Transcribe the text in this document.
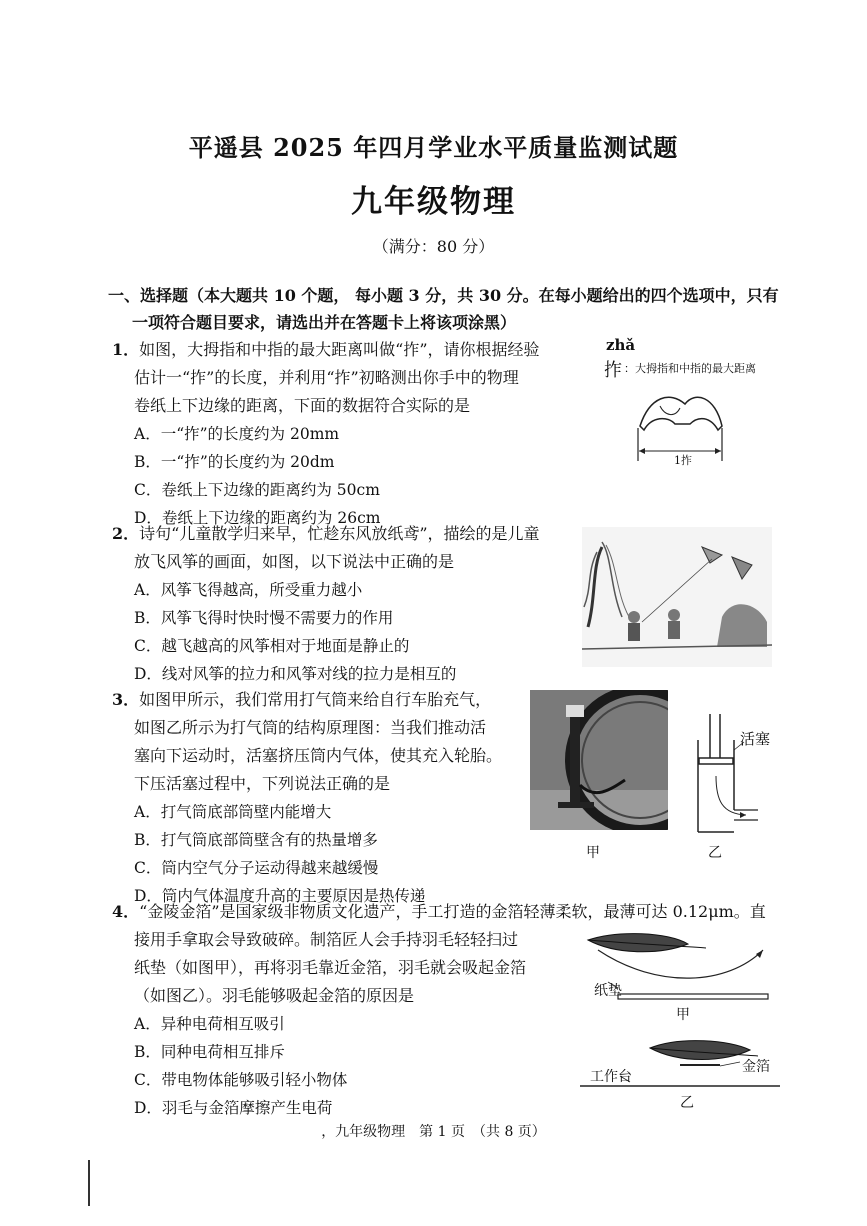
平遥县 2025 年四月学业水平质量监测试题
九年级物理
（满分：80 分）
一、选择题（本大题共 10 个题， 每小题 3 分，共 30 分。在每小题给出的四个选项中，只有
一项符合题目要求，请选出并在答题卡上将该项涂黑）
1．如图，大拇指和中指的最大距离叫做“拃”，请你根据经验
估计一“拃”的长度，并利用“拃”初略测出你手中的物理
卷纸上下边缘的距离，下面的数据符合实际的是
A．一“拃”的长度约为 20mm
B．一“拃”的长度约为 20dm
C．卷纸上下边缘的距离约为 50cm
D．卷纸上下边缘的距离约为 26cm
zhǎ
拃 ：大拇指和中指的最大距离
1拃
2．诗句“儿童散学归来早，忙趁东风放纸鸢”，描绘的是儿童
放飞风筝的画面，如图，以下说法中正确的是
A．风筝飞得越高，所受重力越小
B．风筝飞得时快时慢不需要力的作用
C．越飞越高的风筝相对于地面是静止的
D．线对风筝的拉力和风筝对线的拉力是相互的
3．如图甲所示，我们常用打气筒来给自行车胎充气，
如图乙所示为打气筒的结构原理图：当我们推动活
塞向下运动时，活塞挤压筒内气体，使其充入轮胎。
下压活塞过程中，下列说法正确的是
A．打气筒底部筒壁内能增大
B．打气筒底部筒壁含有的热量增多
C．筒内空气分子运动得越来越缓慢
D．筒内气体温度升高的主要原因是热传递
甲
活塞
乙
4．“金陵金箔”是国家级非物质文化遗产，手工打造的金箔轻薄柔软，最薄可达 0.12μm。直
接用手拿取会导致破碎。制箔匠人会手持羽毛轻轻扫过
纸垫（如图甲），再将羽毛靠近金箔，羽毛就会吸起金箔
（如图乙）。羽毛能够吸起金箔的原因是
A．异种电荷相互吸引
B．同种电荷相互排斥
C．带电物体能够吸引轻小物体
D．羽毛与金箔摩擦产生电荷
纸垫
甲
工作台
金箔
乙
，九年级物理　第 1 页　（共 8 页）
